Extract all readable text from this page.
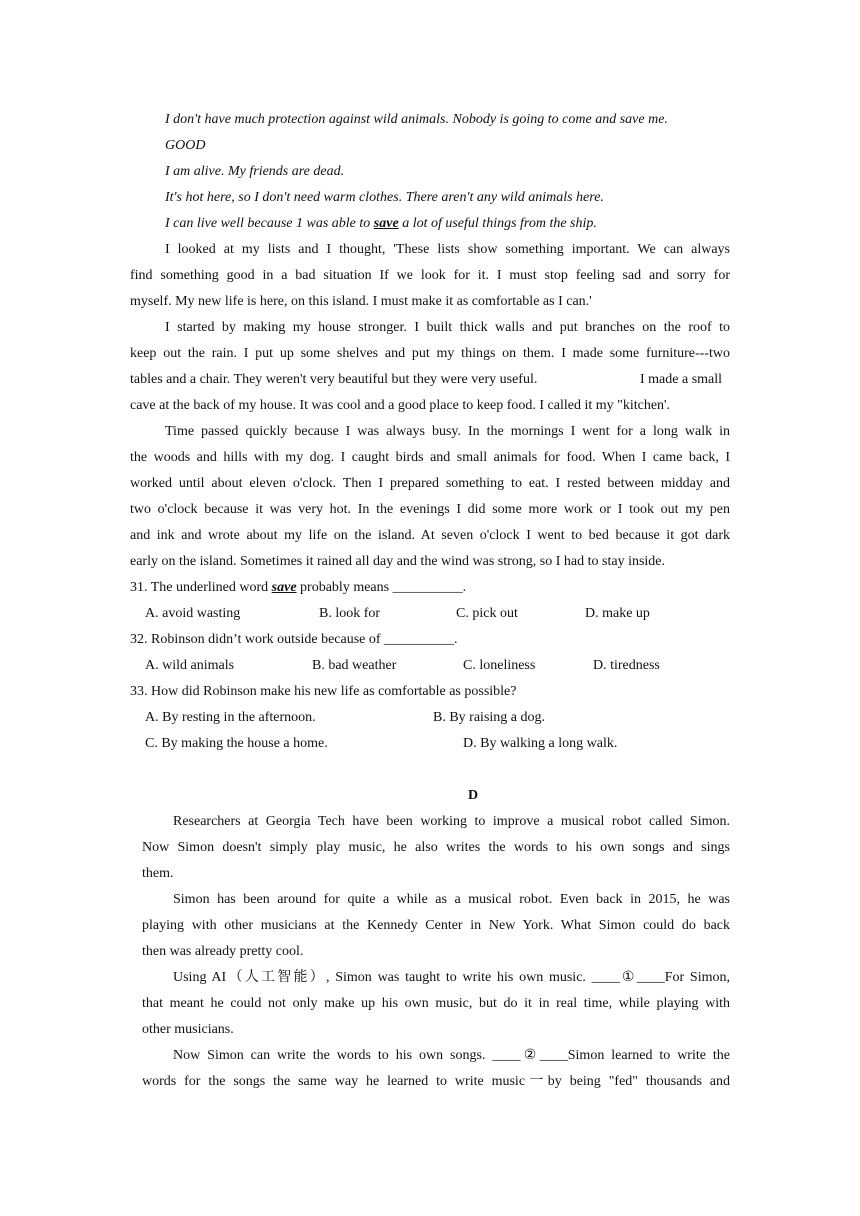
I don't have much protection against wild animals. Nobody is going to come and save me.
GOOD
I am alive. My friends are dead.
It's hot here, so I don't need warm clothes. There aren't any wild animals here.
I can live well because 1 was able to save a lot of useful things from the ship.
I looked at my lists and I thought, 'These lists show something important. We can always
find something good in a bad situation If we look for it. I must stop feeling sad and sorry for
myself. My new life is here, on this island. I must make it as comfortable as I can.'
I started by making my house stronger. I built thick walls and put branches on the roof to
keep out the rain. I put up some shelves and put my things on them. I made some furniture---two
tables and a chair. They weren't very beautiful but they were very useful.	I made a small
cave at the back of my house. It was cool and a good place to keep food. I called it my "kitchen'.
Time passed quickly because I was always busy. In the mornings I went for a long walk in
the woods and hills with my dog. I caught birds and small animals for food. When I came back, I
worked until about eleven o'clock. Then I prepared something to eat. I rested between midday and
two o'clock because it was very hot. In the evenings I did some more work or I took out my pen
and ink and wrote about my life on the island. At seven o'clock I went to bed because it got dark
early on the island. Sometimes it rained all day and the wind was strong, so I had to stay inside.
31. The underlined word save probably means __________.
A. avoid wasting	B. look for	C. pick out	D. make up
32. Robinson didn’t work outside because of __________.
A. wild animals	B. bad weather	C. loneliness	D. tiredness
33. How did Robinson make his new life as comfortable as possible?
A. By resting in the afternoon.	B. By raising a dog.
C. By making the house a home.	D. By walking a long walk.
D
Researchers at Georgia Tech have been working to improve a musical robot called Simon.
Now Simon doesn't simply play music, he also writes the words to his own songs and sings
them.
Simon has been around for quite a while as a musical robot. Even back in 2015, he was
playing with other musicians at the Kennedy Center in New York. What Simon could do back
then was already pretty cool.
Using AI（人工智能）, Simon was taught to write his own music. ____①____For Simon,
that meant he could not only make up his own music, but do it in real time, while playing with
other musicians.
Now Simon can write the words to his own songs. ____②____Simon learned to write the
words for the songs the same way he learned to write music一by being "fed" thousands and
